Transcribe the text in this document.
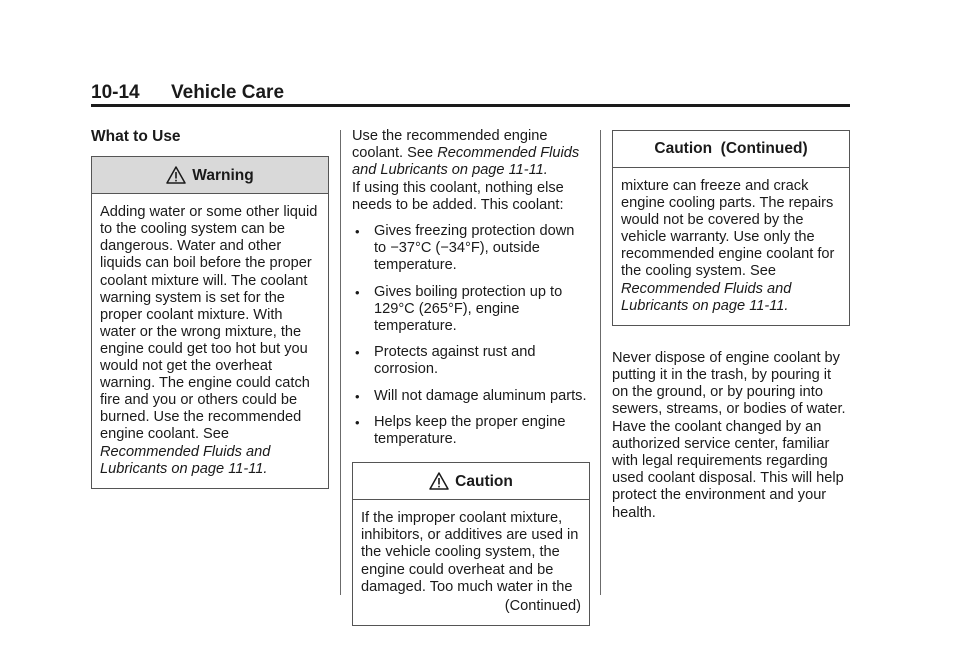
10-14 Vehicle Care
What to Use
Warning

Adding water or some other liquid to the cooling system can be dangerous. Water and other liquids can boil before the proper coolant mixture will. The coolant warning system is set for the proper coolant mixture. With water or the wrong mixture, the engine could get too hot but you would not get the overheat warning. The engine could catch fire and you or others could be burned. Use the recommended engine coolant. See

Recommended Fluids and Lubricants on page 11-11.

Use the recommended engine coolant. See Recommended Fluids and Lubricants on page 11-11.

If using this coolant, nothing else needs to be added. This coolant:

• Gives freezing protection down to −37°C (−34°F), outside temperature.
• Gives boiling protection up to 129°C (265°F), engine temperature.
• Protects against rust and corrosion.
• Will not damage aluminum parts.
• Helps keep the proper engine temperature.
Caution

If the improper coolant mixture, inhibitors, or additives are used in the vehicle cooling system, the engine could overheat and be damaged. Too much water in the

(Continued)

Caution  (Continued)

mixture can freeze and crack engine cooling parts. The repairs would not be covered by the vehicle warranty. Use only the recommended engine coolant for the cooling system. See

Recommended Fluids and Lubricants on page 11-11.

Never dispose of engine coolant by putting it in the trash, by pouring it on the ground, or by pouring into sewers, streams, or bodies of water. Have the coolant changed by an authorized service center, familiar with legal requirements regarding used coolant disposal. This will help protect the environment and your health.
